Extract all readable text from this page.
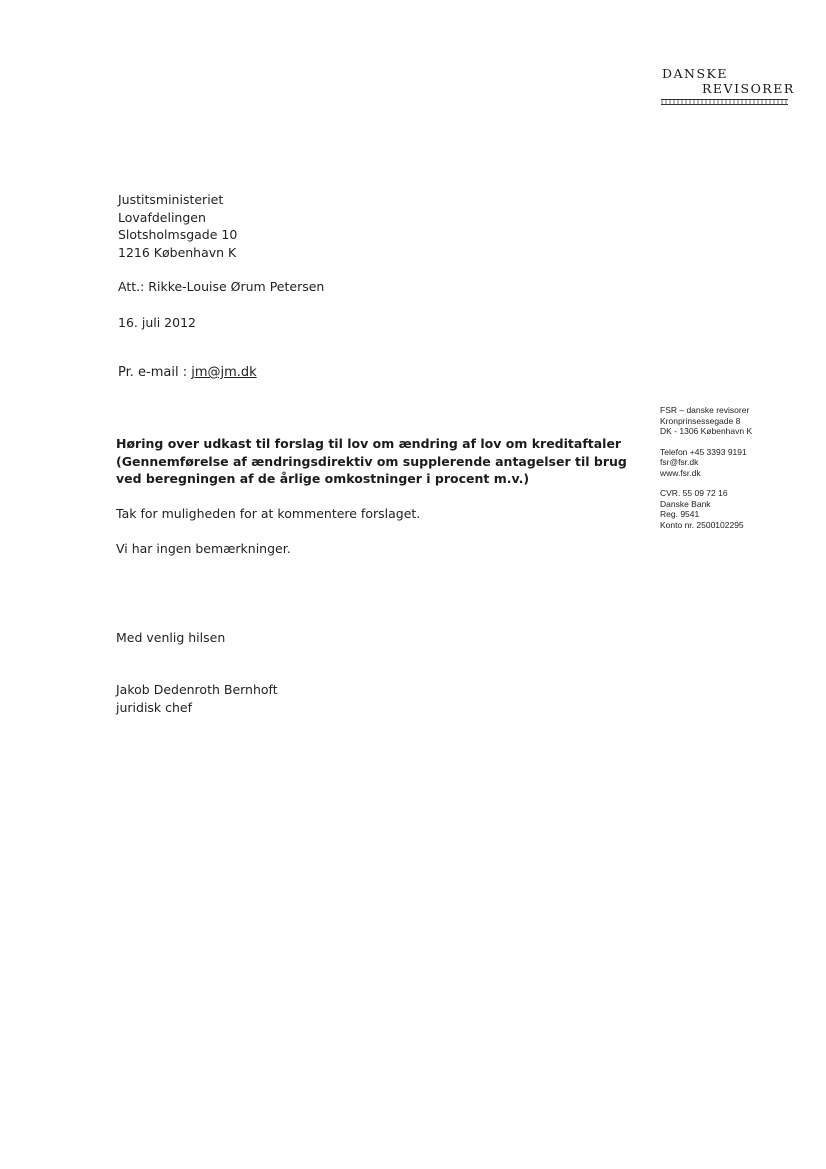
DANSKE
REVISORER
Justitsministeriet
Lovafdelingen
Slotsholmsgade 10
1216 København K
Att.: Rikke-Louise Ørum Petersen
16. juli 2012
Pr. e-mail : jm@jm.dk
FSR – danske revisorer
Kronprinsessegade 8
DK - 1306 København K
Telefon +45 3393 9191
fsr@fsr.dk
www.fsr.dk
CVR. 55 09 72 16
Danske Bank
Reg. 9541
Konto nr. 2500102295
Høring over udkast til forslag til lov om ændring af lov om kreditaftaler
(Gennemførelse af ændringsdirektiv om supplerende antagelser til brug
ved beregningen af de årlige omkostninger i procent m.v.)
Tak for muligheden for at kommentere forslaget.
Vi har ingen bemærkninger.
Med venlig hilsen
Jakob Dedenroth Bernhoft
juridisk chef
